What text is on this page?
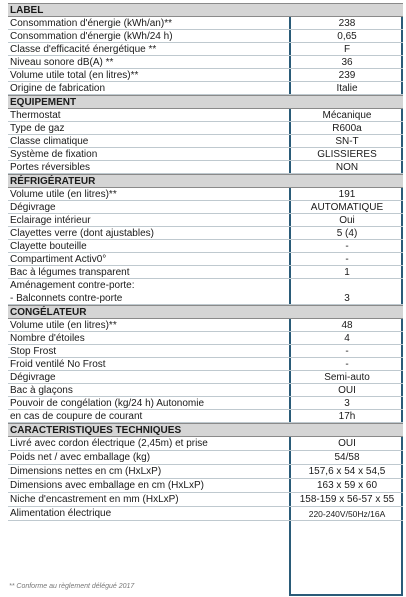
LABEL
Consommation d'énergie (kWh/an)**	238
Consommation d'énergie (kWh/24 h)	0,65
Classe d'efficacité énergétique **	F
Niveau sonore dB(A) **	36
Volume utile total (en litres)**	239
Origine de fabrication	Italie
EQUIPEMENT
Thermostat	Mécanique
Type de gaz	R600a
Classe climatique	SN-T
Système de fixation	GLISSIERES
Portes réversibles	NON
RÉFRIGÉRATEUR
Volume utile (en litres)**	191
Dégivrage	AUTOMATIQUE
Eclairage intérieur	Oui
Clayettes verre (dont ajustables)	5 (4)
Clayette bouteille	-
Compartiment Activ0°	-
Bac à légumes transparent	1
Aménagement contre-porte:
- Balconnets contre-porte	3
CONGÉLATEUR
Volume utile (en litres)**	48
Nombre d'étoiles	4
Stop Frost	-
Froid ventilé No Frost	-
Dégivrage	Semi-auto
Bac à glaçons	OUI
Pouvoir de congélation (kg/24 h) Autonomie	3
en cas de coupure de courant	17h
CARACTERISTIQUES TECHNIQUES
Livré avec cordon électrique (2,45m) et prise	OUI
Poids net / avec emballage (kg)	54/58
Dimensions nettes en cm (HxLxP)	157,6 x 54 x 54,5
Dimensions avec emballage en cm (HxLxP)	163 x 59 x 60
Niche d'encastrement en mm (HxLxP)	158-159 x 56-57 x 55
Alimentation électrique	220-240V/50Hz/16A
** Conforme au règlement délégué 2017
